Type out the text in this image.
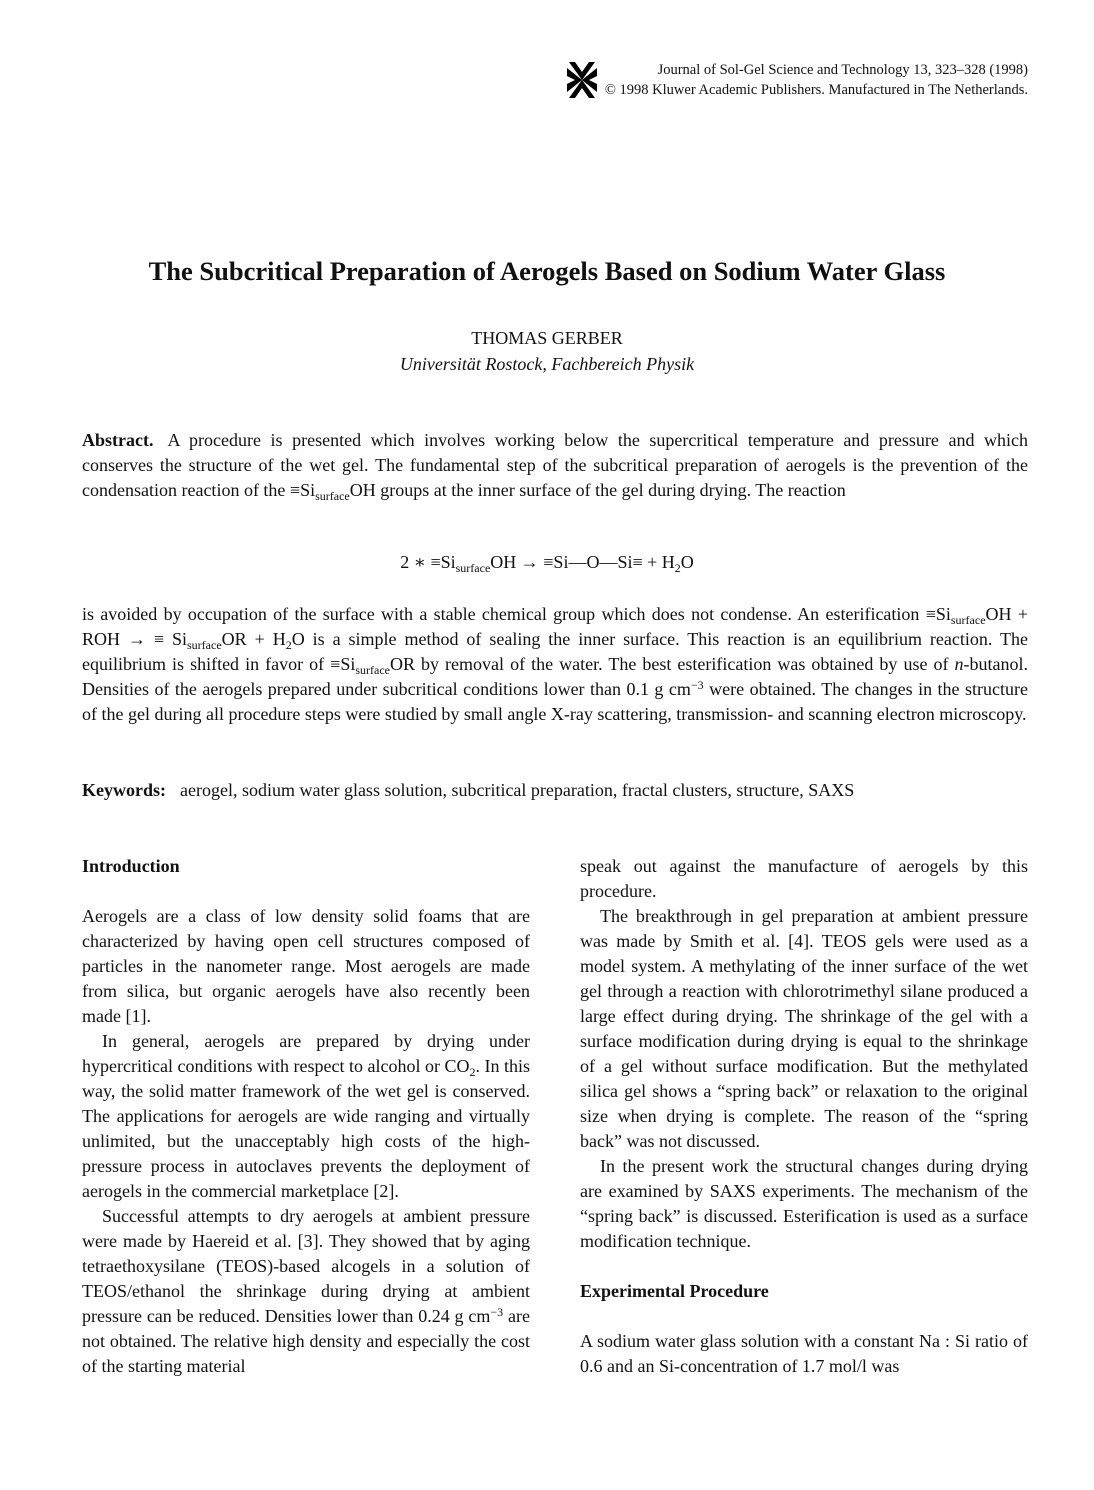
Journal of Sol-Gel Science and Technology 13, 323–328 (1998)
© 1998 Kluwer Academic Publishers. Manufactured in The Netherlands.
The Subcritical Preparation of Aerogels Based on Sodium Water Glass
THOMAS GERBER
Universität Rostock, Fachbereich Physik
Abstract. A procedure is presented which involves working below the supercritical temperature and pressure and which conserves the structure of the wet gel. The fundamental step of the subcritical preparation of aerogels is the prevention of the condensation reaction of the $\equiv Si_{surface}OH$ groups at the inner surface of the gel during drying. The reaction
2 ∗ $\equiv Si_{surface}OH$ → ≡Si—O—Si≡ + $H_2O$
is avoided by occupation of the surface with a stable chemical group which does not condense. An esterification $\equiv Si_{surface}OH$ + ROH → ≡ $Si_{surface}OR + H_2O$ is a simple method of sealing the inner surface. This reaction is an equilibrium reaction. The equilibrium is shifted in favor of $\equiv Si_{surface}OR$ by removal of the water. The best esterification was obtained by use of n-butanol. Densities of the aerogels prepared under subcritical conditions lower than 0.1 g $cm^{-3}$ were obtained. The changes in the structure of the gel during all procedure steps were studied by small angle X-ray scattering, transmission- and scanning electron microscopy.
Keywords: aerogel, sodium water glass solution, subcritical preparation, fractal clusters, structure, SAXS
Introduction

Aerogels are a class of low density solid foams that are characterized by having open cell structures composed of particles in the nanometer range. Most aerogels are made from silica, but organic aerogels have also recently been made [1].

In general, aerogels are prepared by drying under hypercritical conditions with respect to alcohol or $CO_2$. In this way, the solid matter framework of the wet gel is conserved. The applications for aerogels are wide ranging and virtually unlimited, but the unacceptably high costs of the high-pressure process in autoclaves prevents the deployment of aerogels in the commercial marketplace [2].

Successful attempts to dry aerogels at ambient pressure were made by Haereid et al. [3]. They showed that by aging tetraethoxysilane (TEOS)-based alcogels in a solution of TEOS/ethanol the shrinkage during drying at ambient pressure can be reduced. Densities lower than 0.24 g $cm^{-3}$ are not obtained. The relative high density and especially the cost of the starting material

speak out against the manufacture of aerogels by this procedure.

The breakthrough in gel preparation at ambient pressure was made by Smith et al. [4]. TEOS gels were used as a model system. A methylating of the inner surface of the wet gel through a reaction with chlorotrimethyl silane produced a large effect during drying. The shrinkage of the gel with a surface modification during drying is equal to the shrinkage of a gel without surface modification. But the methylated silica gel shows a “spring back” or relaxation to the original size when drying is complete. The reason of the “spring back” was not discussed.

In the present work the structural changes during drying are examined by SAXS experiments. The mechanism of the “spring back” is discussed. Esterification is used as a surface modification technique.

Experimental Procedure

A sodium water glass solution with a constant Na : Si ratio of 0.6 and an Si-concentration of 1.7 mol/l was
